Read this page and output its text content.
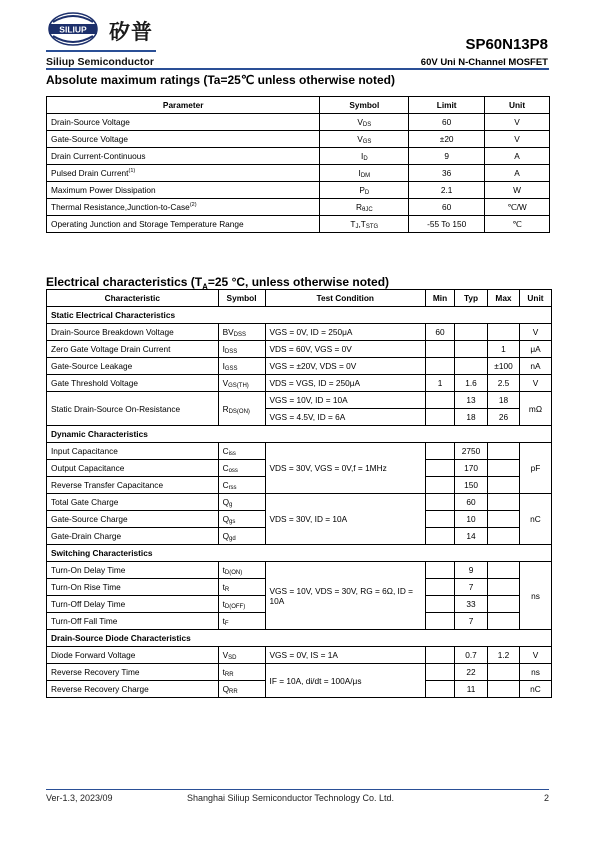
SILIUP 矽普
Siliup Semiconductor
SP60N13P8
60V Uni N-Channel MOSFET
Absolute maximum ratings (Ta=25℃ unless otherwise noted)
Parameter	Symbol	Limit	Unit
Drain-Source Voltage	VDS	60	V
Gate-Source Voltage	VGS	±20	V
Drain Current-Continuous	ID	9	A
Pulsed Drain Current$^{(1)}$	IDM	36	A
Maximum Power Dissipation	PD	2.1	W
Thermal Resistance,Junction-to-Case$^{(2)}$	RθJC	60	℃/W
Operating Junction and Storage Temperature Range	TJ,TSTG	-55 To 150	℃
Electrical characteristics ($T_A=25$ °C, unless otherwise noted)
Characteristic	Symbol	Test Condition	Min	Typ	Max	Unit
Static Electrical Characteristics						
Drain-Source Breakdown Voltage	BVDSS	VGS = 0V, ID = 250μA	60			V
Zero Gate Voltage Drain Current	IDSS	VDS = 60V, VGS = 0V			1	μA
Gate-Source Leakage	IGSS	VGS = ±20V, VDS = 0V			±100	nA
Gate Threshold Voltage	VGS(TH)	VDS = VGS, ID = 250μA	1	1.6	2.5	V
Static Drain-Source On-Resistance	RDS(ON)	VGS = 10V, ID = 10A		13	18	mΩ
		VGS = 4.5V, ID = 6A		18	26	
Dynamic Characteristics						
Input Capacitance	Ciss	VDS = 30V, VGS = 0V,f = 1MHz		2750		pF
Output Capacitance	Coss			170		
Reverse Transfer Capacitance	Crss			150		
Total Gate Charge	Qg	VDS = 30V, ID = 10A		60		nC
Gate-Source Charge	Qgs			10		
Gate-Drain Charge	Qgd			14		
Switching Characteristics						
Turn-On Delay Time	tD(ON)	VGS = 10V, VDS = 30V, RG = 6Ω, ID = 10A		9		ns
Turn-On Rise Time	tR			7		
Turn-Off Delay Time	tD(OFF)			33		
Turn-Off Fall Time	tF			7		
Drain-Source Diode Characteristics						
Diode Forward Voltage	VSD	VGS = 0V, IS = 1A		0.7	1.2	V
Reverse Recovery Time	tRR	IF = 10A, di/dt = 100A/μs		22		ns
Reverse Recovery Charge	QRR			11		nC
Ver-1.3, 2023/09	Shanghai Siliup Semiconductor Technology Co. Ltd.	2
